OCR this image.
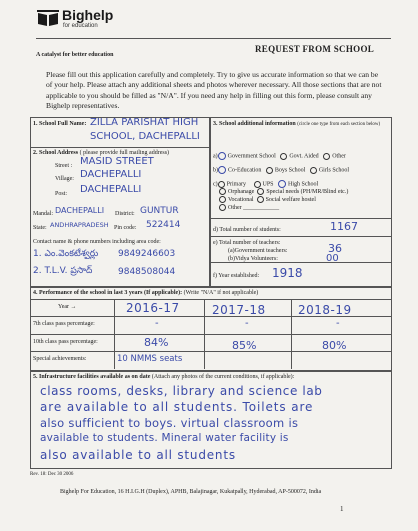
Bighelp
for education
A catalyst for better education
REQUEST FROM SCHOOL
Please fill out this application carefully and completely. Try to give us accurate information so that we can be of your help. Please attach any additional sheets and photos wherever necessary. All those sections that are not applicable to you should be filled as "N/A". If you need any help in filling out this form, please consult any Bighelp representatives.
1. School Full Name: ZILLA PARISHAT HIGH
SCHOOL, DACHEPALLI
2. School Address ( please provide full mailing address)
Street : MASID STREET
Village: DACHEPALLI
Post: DACHEPALLI
Mandal: DACHEPALLI District: GUNTUR
State: ANDHRAPRADESH Pin code: 522414
Contact name & phone numbers including area code:
1. ఎం.వెంకటేశ్వర్లు 9849246603
2. T.L.V. ప్రసాద్	9848508044
3. School additional information (circle one type from each section below)
a) Government School Govt. Aided Other
b) Co-Education Boys School Girls School
c) Primary	UPS High School
Orphanage Special needs (PH/MR/Blind etc.)
Vocational Social welfare hostel
Other ____________
d) Total number of students:	1167
e) Total number of teachers:
(a)Government teachers:	36
(b)Vidya Volunteers:	00
f) Year established: 1918
4. Performance of the school in last 3 years (If applicable): (Write "N/A" if not applicable)
Year →	2016-17	2017-18	2018-19
7th class pass percentage:	-	-	-
10th class pass percentage:	84%	85%	80%
Special achievements:	10 NMMS seats
5. Infrastructure facilities available as on date (Attach any photos of the current conditions, if applicable):
class rooms, desks, library and science lab
are available to all students. Toilets are
also sufficient to boys. virtual classroom is
available to students. Mineral water facility is
also available to all students
Rev. 18: Dec 30 2006
Bighelp For Education, 16 H.I.G.H (Duplex), APHB, Balajinagar, Kukatpally, Hyderabad, AP-500072, India
1
